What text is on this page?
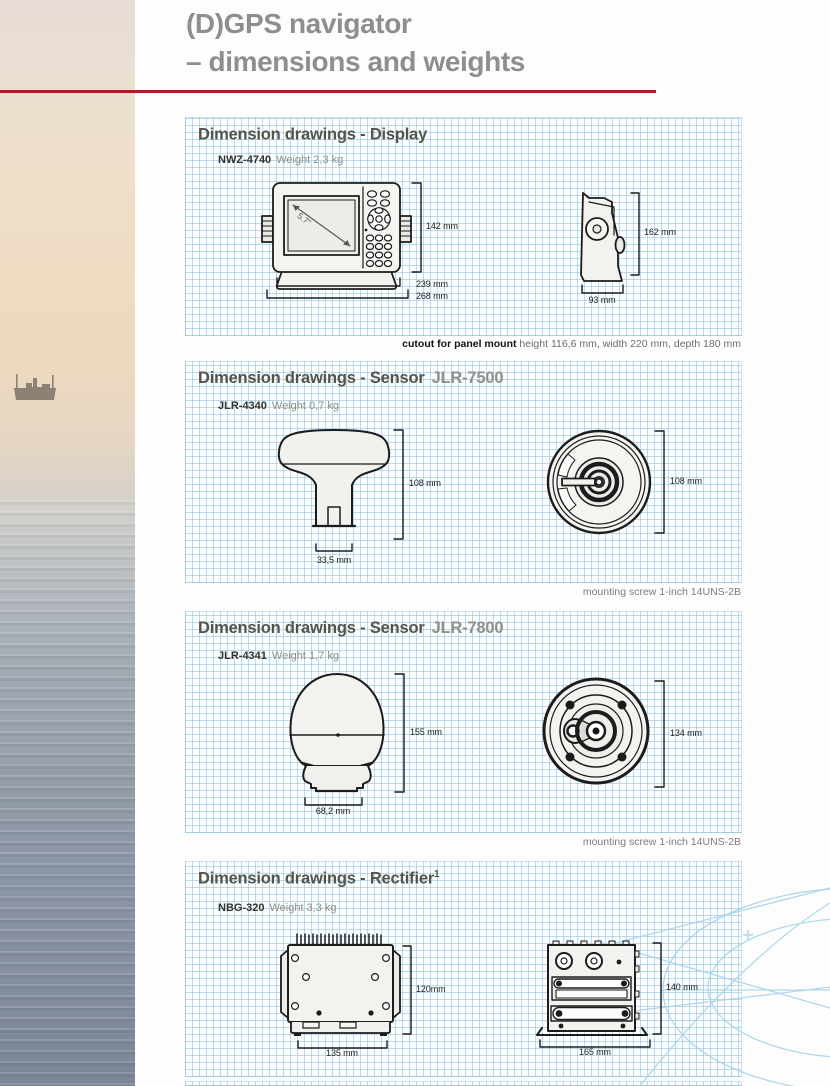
(D)GPS navigator
– dimensions and weights
Dimension drawings - Display
NWZ-4740 Weight 2,3 kg
5.7"	142 mm
239 mm
268 mm
162 mm
93 mm
cutout for panel mount height 116,6 mm, width 220 mm, depth 180 mm
Dimension drawings - Sensor JLR-7500
JLR-4340 Weight 0,7 kg
108 mm
33,5 mm
108 mm
mounting screw 1-inch 14UNS-2B
Dimension drawings - Sensor JLR-7800
JLR-4341 Weight 1,7 kg
155 mm
68,2 mm
134 mm
mounting screw 1-inch 14UNS-2B
Dimension drawings - Rectifier$^1$
NBG-320 Weight 3,3 kg
120mm
135 mm
140 mm
165 mm
